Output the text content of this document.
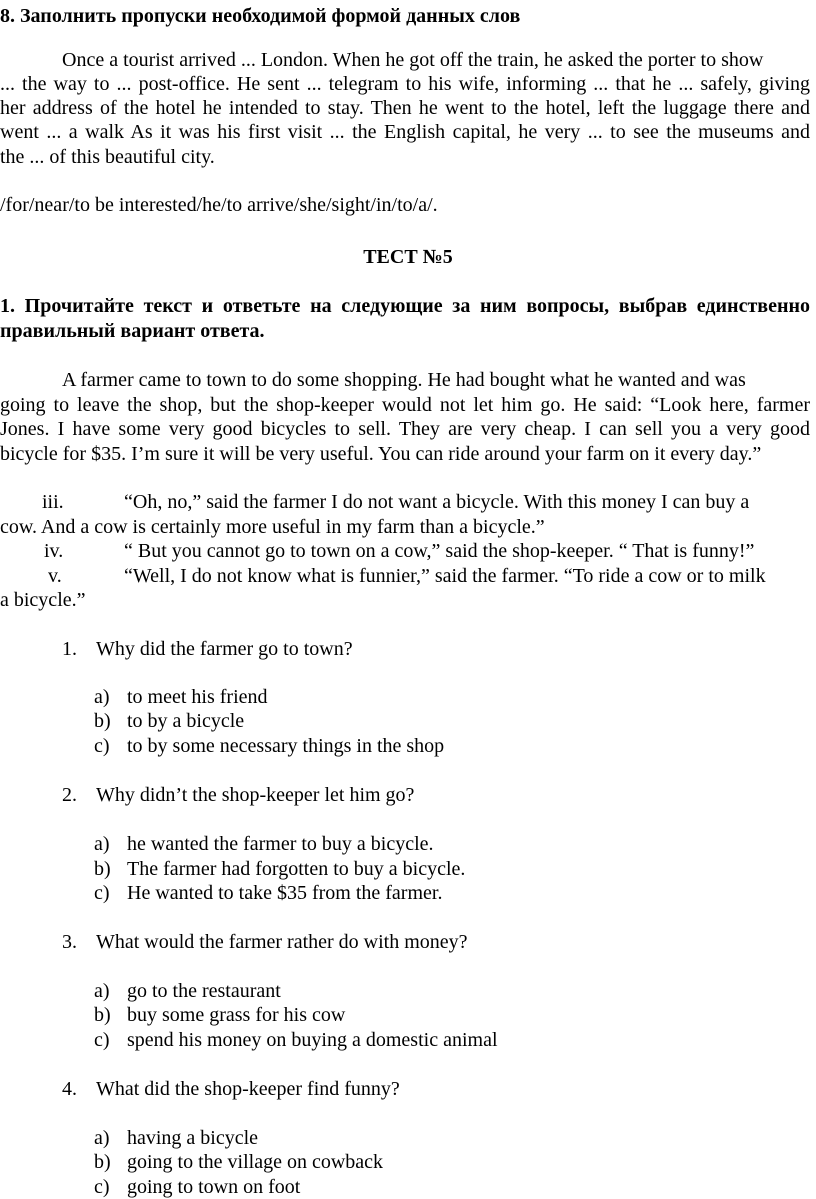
8. Заполнить пропуски необходимой формой данных слов
Once a tourist arrived ... London. When he got off the train, he asked the porter to show
... the way to ... post-office. He sent ... telegram to his wife, informing ... that he ... safely, giving
her address of the hotel he intended to stay. Then he went to the hotel, left the luggage there and
went ... a walk As it was his first visit ... the English capital, he very ... to see the museums and
the ... of this beautiful city.
/for/near/to be interested/he/to arrive/she/sight/in/to/a/.
ТЕСТ №5
1. Прочитайте текст и ответьте на следующие за ним вопросы, выбрав единственно
правильный вариант ответа.
A farmer came to town to do some shopping. He had bought what he wanted and was
going to leave the shop, but the shop-keeper would not let him go. He said: “Look here, farmer
Jones. I have some very good bicycles to sell. They are very cheap. I can sell you a very good
bicycle for $35. I’m sure it will be very useful. You can ride around your farm on it every day.”
iii.	“Oh, no,” said the farmer I do not want a bicycle. With this money I can buy a
cow. And a cow is certainly more useful in my farm than a bicycle.”
iv.	“ But you cannot go to town on a cow,” said the shop-keeper. “ That is funny!”
v.	“Well, I do not know what is funnier,” said the farmer. “To ride a cow or to milk
a bicycle.”
1. Why did the farmer go to town?
a) to meet his friend
b) to by a bicycle
c) to by some necessary things in the shop
2. Why didn’t the shop-keeper let him go?
a) he wanted the farmer to buy a bicycle.
b) The farmer had forgotten to buy a bicycle.
c) He wanted to take $35 from the farmer.
3. What would the farmer rather do with money?
a) go to the restaurant
b) buy some grass for his cow
c) spend his money on buying a domestic animal
4. What did the shop-keeper find funny?
a) having a bicycle
b) going to the village on cowback
c) going to town on foot
